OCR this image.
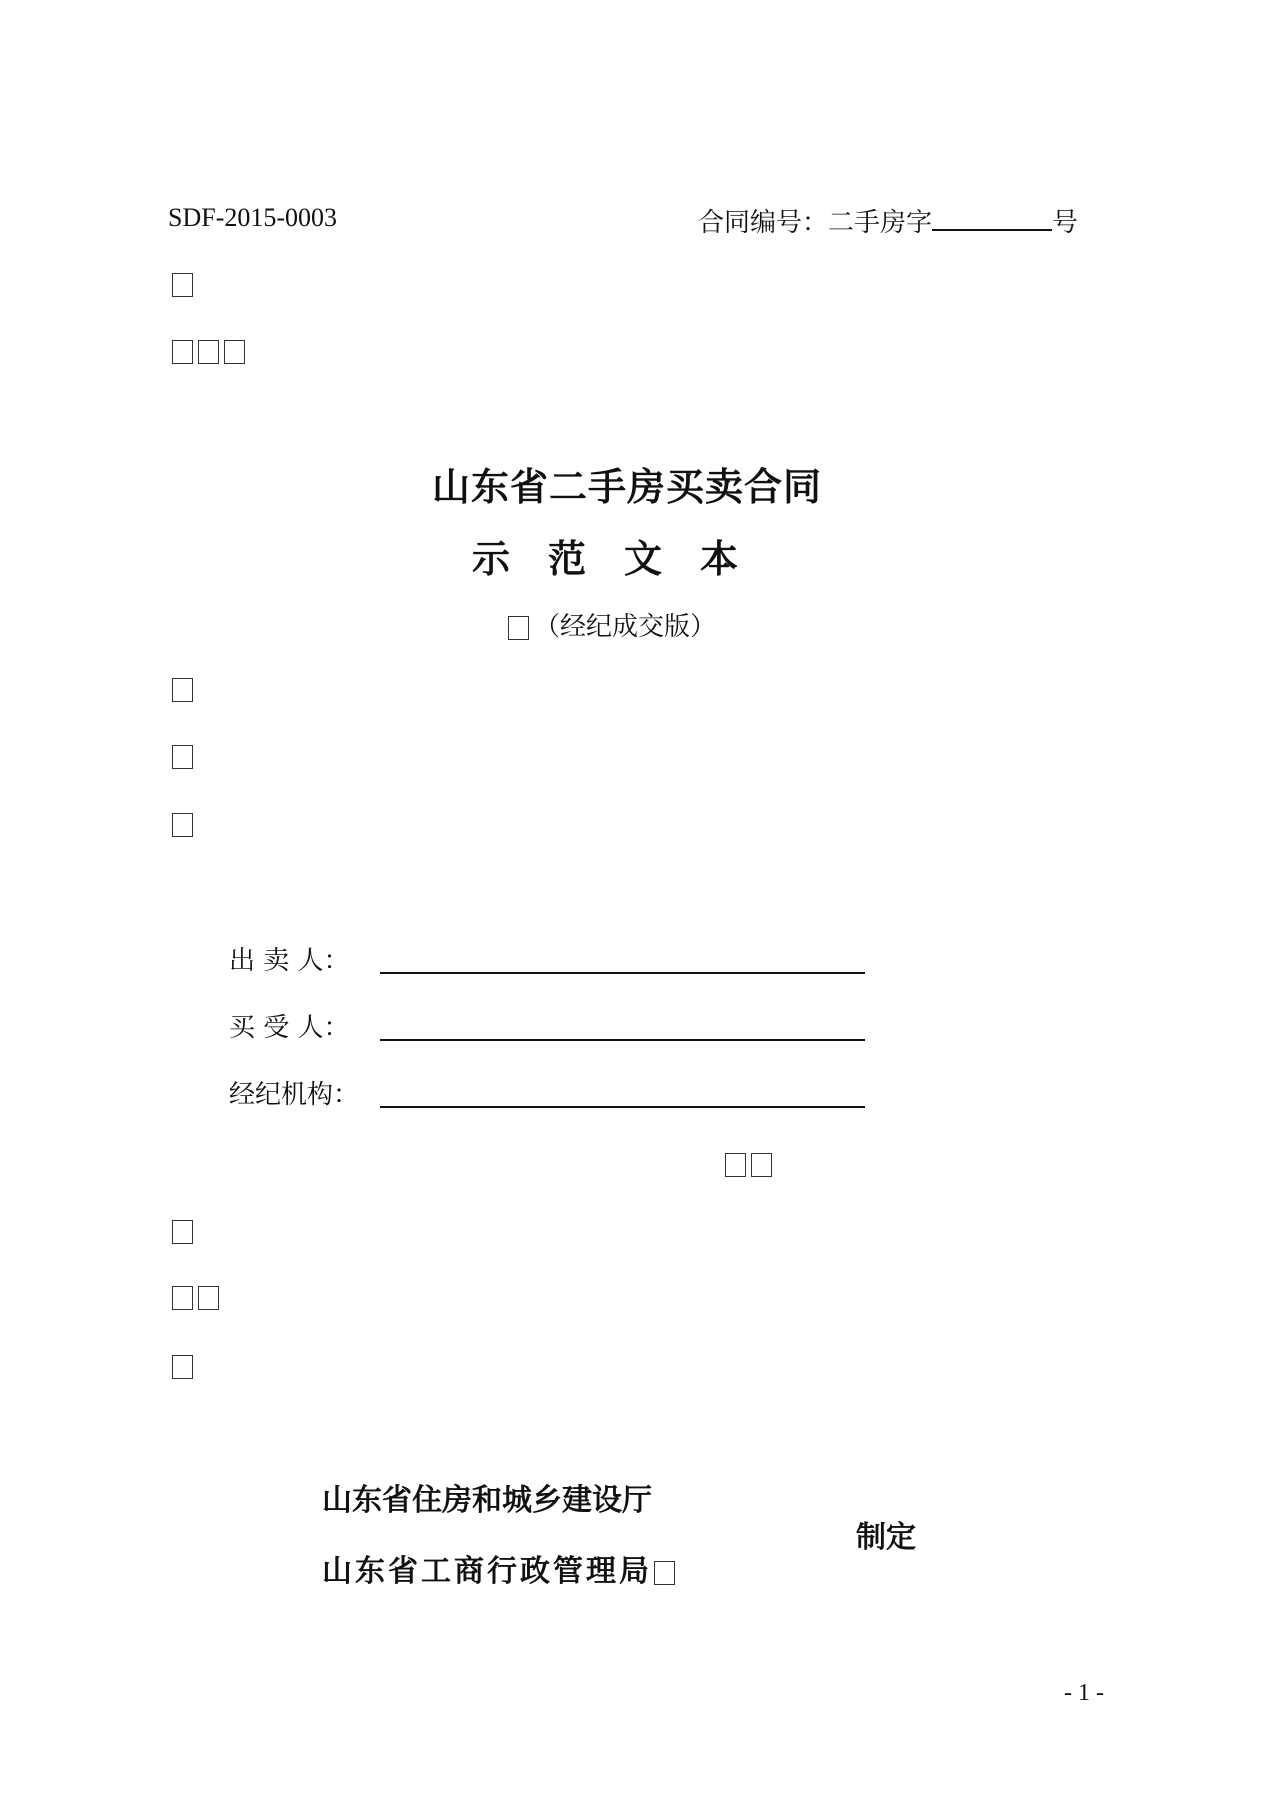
SDF-2015-0003	合同编号：二手房字	号
山东省二手房买卖合同
示　范　文　本
（经纪成交版）
出 卖 人：
买 受 人：
经纪机构：
山东省住房和城乡建设厅
山东省工商行政管理局
制定
- 1 -
